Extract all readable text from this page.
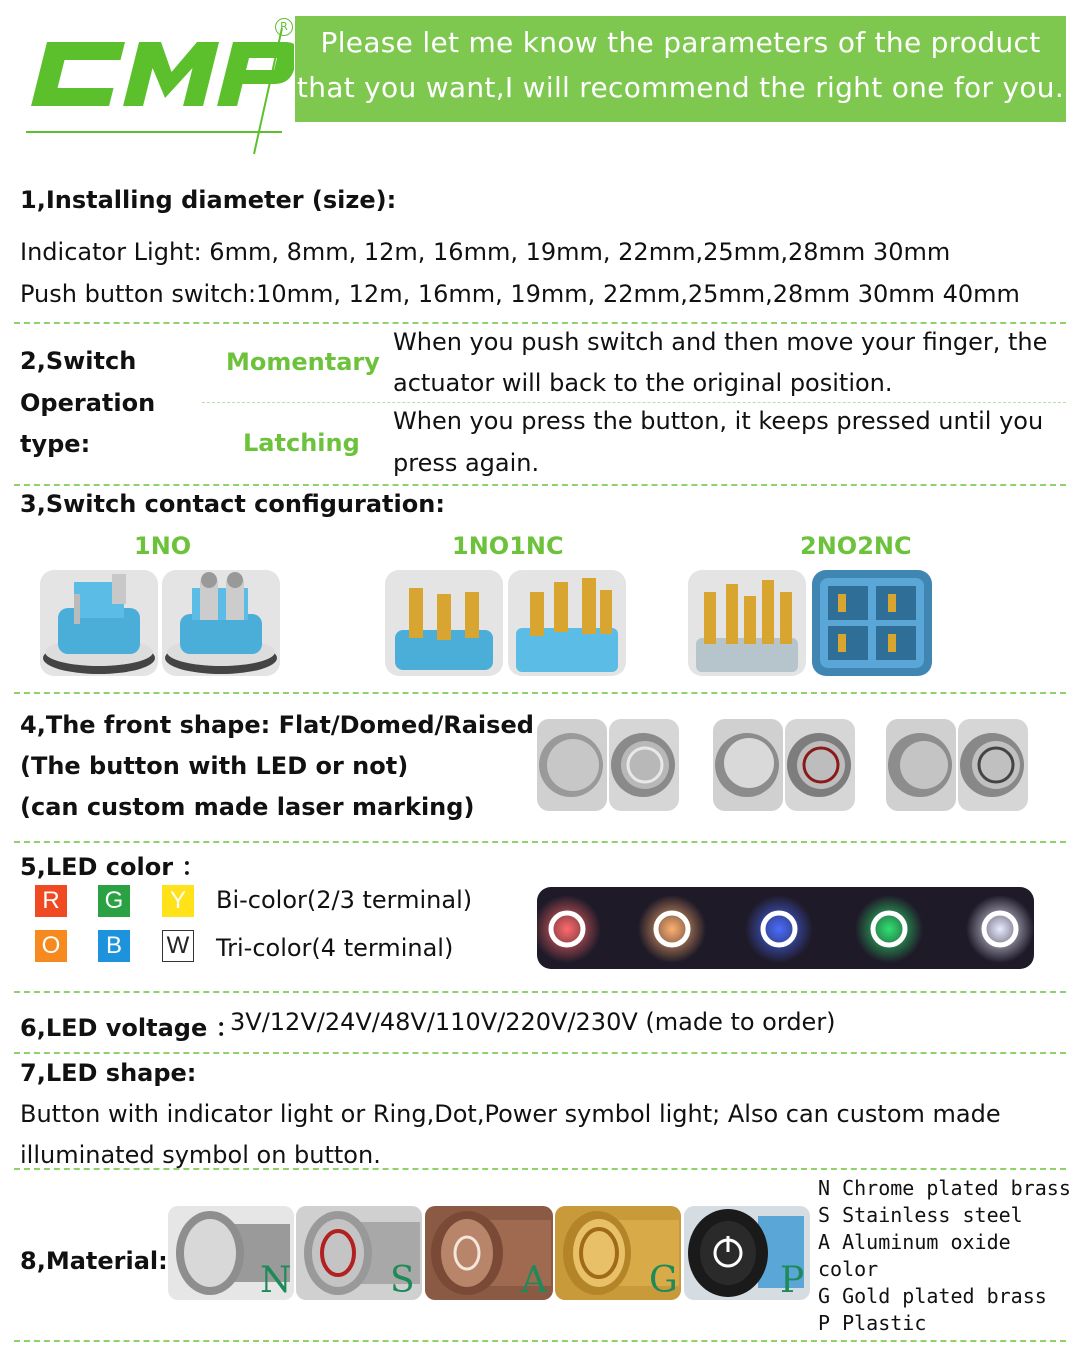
R	Please let me know the parameters of the product
that you want,I will recommend the right one for you.
1,Installing diameter (size):
Indicator Light: 6mm, 8mm, 12m, 16mm, 19mm, 22mm,25mm,28mm 30mm
Push button switch:10mm, 12m, 16mm, 19mm, 22mm,25mm,28mm 30mm 40mm
2,Switch
Operation
type:
Momentary
When you push switch and then move your finger, the
actuator will back to the original position.
Latching
When you press the button, it keeps pressed until you
press again.
3,Switch contact configuration:
1NO	1NO1NC	2NO2NC
4,The front shape: Flat/Domed/Raised
(The button with LED or not)
(can custom made laser marking)
5,LED color ：
R	G	Y
O	B	W
Bi-color(2/3 terminal)
Tri-color(4 terminal)
6,LED voltage ：
3V/12V/24V/48V/110V/220V/230V (made to order)
7,LED shape:
Button with indicator light or Ring,Dot,Power symbol light; Also can custom made
illuminated symbol on button.
8,Material:	N	S	A	G	P
N Chrome plated brass
S Stainless steel
A Aluminum oxide
color
G Gold plated brass
P Plastic
